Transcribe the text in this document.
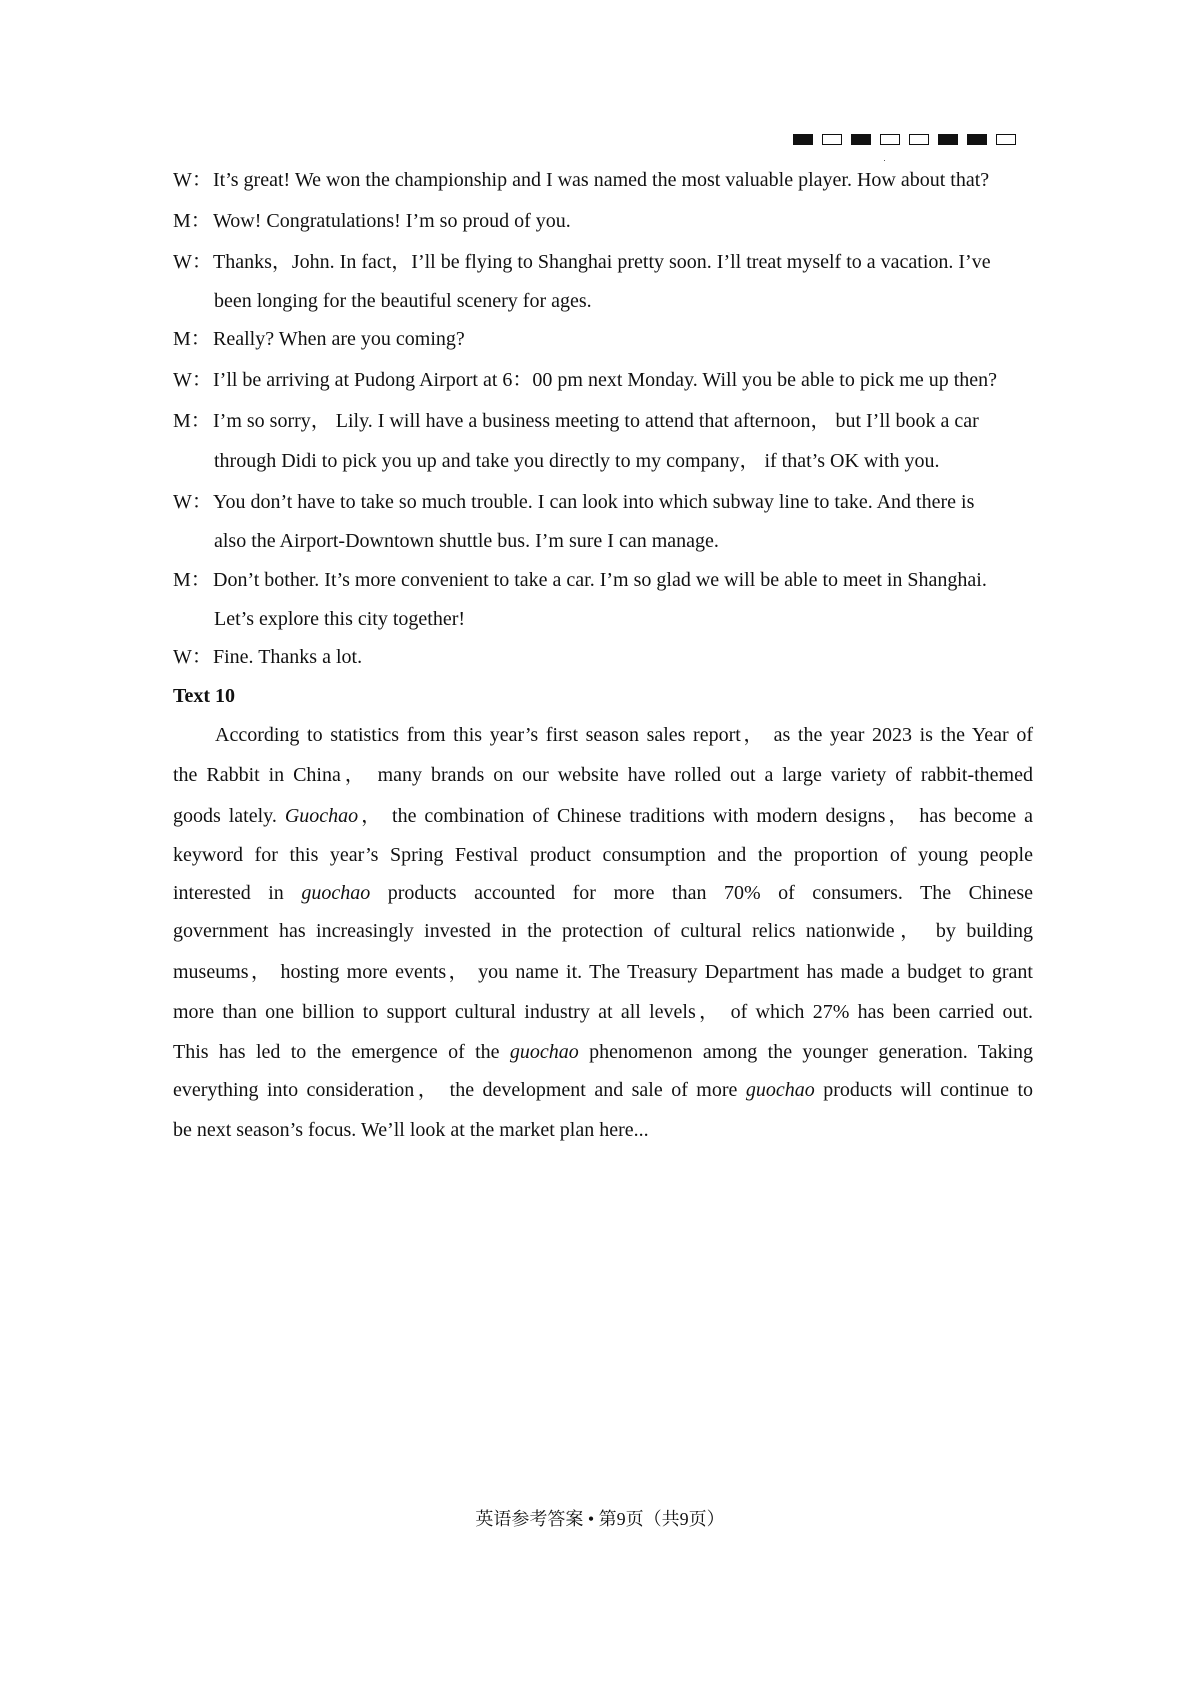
W：It’s great! We won the championship and I was named the most valuable player. How about that?
M： Wow! Congratulations! I’m so proud of you.
W：Thanks，John. In fact，I’ll be flying to Shanghai pretty soon. I’ll treat myself to a vacation. I’ve
been longing for the beautiful scenery for ages.
M： Really? When are you coming?
W：I’ll be arriving at Pudong Airport at 6：00 pm next Monday. Will you be able to pick me up then?
M： I’m so sorry， Lily. I will have a business meeting to attend that afternoon， but I’ll book a car
through Didi to pick you up and take you directly to my company， if that’s OK with you.
W：You don’t have to take so much trouble. I can look into which subway line to take. And there is
also the Airport-Downtown shuttle bus. I’m sure I can manage.
M： Don’t bother. It’s more convenient to take a car. I’m so glad we will be able to meet in Shanghai.
Let’s explore this city together!
W：Fine. Thanks a lot.
Text 10
According to statistics from this year’s first season sales report， as the year 2023 is the Year of
the Rabbit in China， many brands on our website have rolled out a large variety of rabbit-themed
goods lately. Guochao， the combination of Chinese traditions with modern designs， has become a
keyword for this year’s Spring Festival product consumption and the proportion of young people
interested in guochao products accounted for more than 70% of consumers. The Chinese
government has increasingly invested in the protection of cultural relics nationwide， by building
museums， hosting more events， you name it. The Treasury Department has made a budget to grant
more than one billion to support cultural industry at all levels， of which 27% has been carried out.
This has led to the emergence of the guochao phenomenon among the younger generation. Taking
everything into consideration， the development and sale of more guochao products will continue to
be next season’s focus. We’ll look at the market plan here...
英语参考答案 • 第9页（共9页）
